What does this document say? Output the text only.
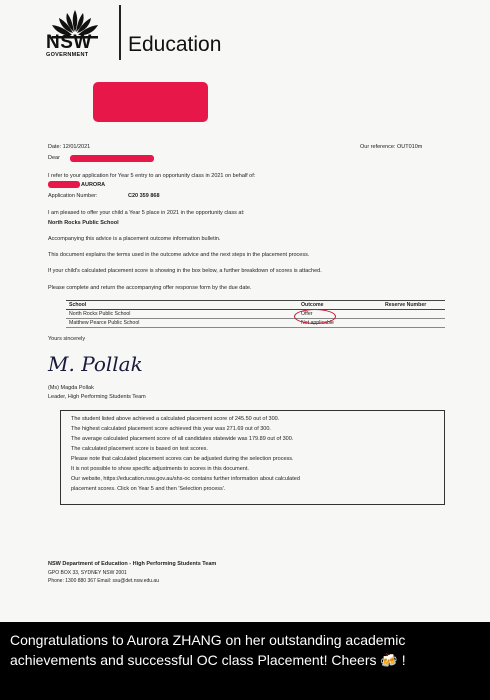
NSW
GOVERNMENT Education
Date: 12/01/2021	Our reference: OUT010m
Dear
I refer to your application for Year 5 entry to an opportunity class in 2021 on behalf of:
AURORA
Application Number:	C20 359 868
I am pleased to offer your child a Year 5 place in 2021 in the opportunity class at:
North Rocks Public School
Accompanying this advice is a placement outcome information bulletin.
This document explains the terms used in the outcome advice and the next steps in the placement process.
If your child's calculated placement score is showing in the box below, a further breakdown of scores is attached.
Please complete and return the accompanying offer response form by the due date.
School	Outcome	Reserve Number
North Rocks Public School	Offer	
Matthew Pearce Public School	Not applicable	
Yours sincerely
M. Pollak
(Ms) Magda Pollak
Leader, High Performing Students Team
The student listed above achieved a calculated placement score of 245.50 out of 300.
The highest calculated placement score achieved this year was 271.69 out of 300.
The average calculated placement score of all candidates statewide was 179.89 out of 300.
The calculated placement score is based on test scores.
Please note that calculated placement scores can be adjusted during the selection process.
It is not possible to show specific adjustments to scores in this document.
Our website, https://education.nsw.gov.au/shs-oc contains further information about calculated
placement scores. Click on Year 5 and then 'Selection process'.
NSW Department of Education - High Performing Students Team
GPO BOX 33, SYDNEY NSW 2001
Phone: 1300 880 367 Email: ssu@det.nsw.edu.au
Congratulations to Aurora ZHANG on her outstanding academic achievements and successful OC class Placement! Cheers 🍻 !
